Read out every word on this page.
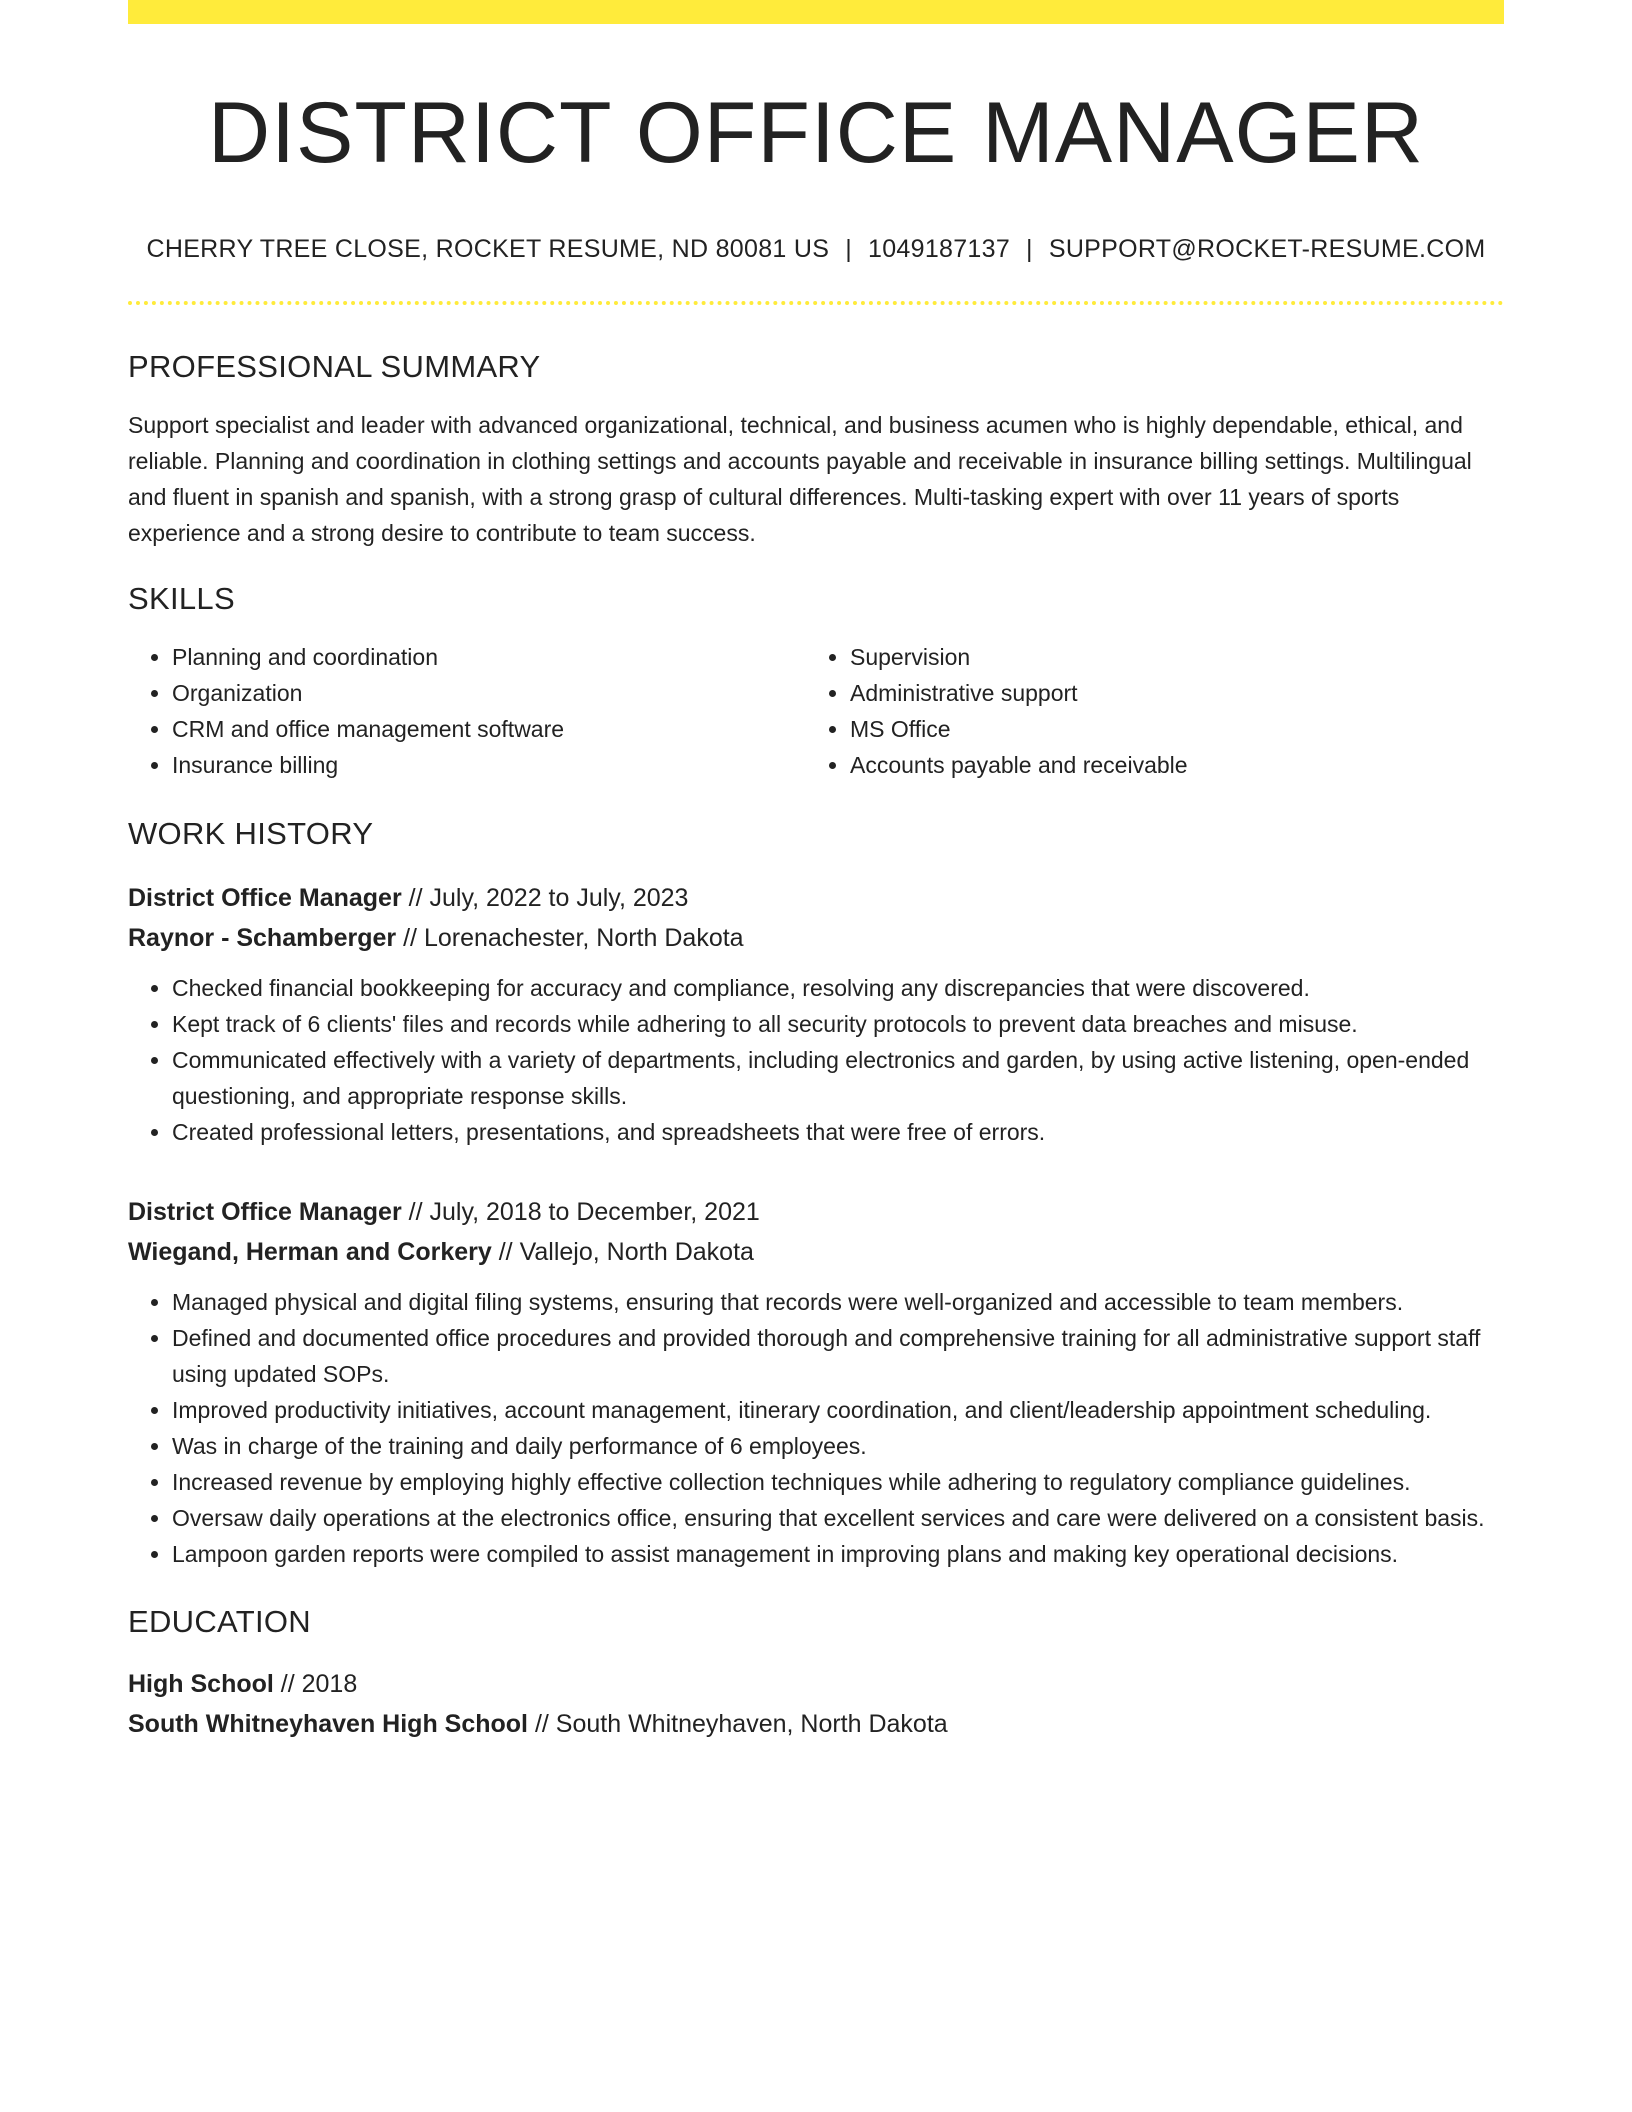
DISTRICT OFFICE MANAGER
CHERRY TREE CLOSE, ROCKET RESUME, ND 80081 US | 1049187137 | SUPPORT@ROCKET-RESUME.COM
PROFESSIONAL SUMMARY

Support specialist and leader with advanced organizational, technical, and business acumen who is highly dependable, ethical, and reliable. Planning and coordination in clothing settings and accounts payable and receivable in insurance billing settings. Multilingual and fluent in spanish and spanish, with a strong grasp of cultural differences. Multi-tasking expert with over 11 years of sports experience and a strong desire to contribute to team success.

SKILLS
• Planning and coordination
• Organization
• CRM and office management software
• Insurance billing
• Supervision
• Administrative support
• MS Office
• Accounts payable and receivable
WORK HISTORY
District Office Manager // July, 2022 to July, 2023
Raynor - Schamberger // Lorenachester, North Dakota
• Checked financial bookkeeping for accuracy and compliance, resolving any discrepancies that were discovered.
• Kept track of 6 clients' files and records while adhering to all security protocols to prevent data breaches and misuse.
• Communicated effectively with a variety of departments, including electronics and garden, by using active listening, open-ended questioning, and appropriate response skills.
• Created professional letters, presentations, and spreadsheets that were free of errors.
District Office Manager // July, 2018 to December, 2021
Wiegand, Herman and Corkery // Vallejo, North Dakota
• Managed physical and digital filing systems, ensuring that records were well-organized and accessible to team members.
• Defined and documented office procedures and provided thorough and comprehensive training for all administrative support staff using updated SOPs.
• Improved productivity initiatives, account management, itinerary coordination, and client/leadership appointment scheduling.
• Was in charge of the training and daily performance of 6 employees.
• Increased revenue by employing highly effective collection techniques while adhering to regulatory compliance guidelines.
• Oversaw daily operations at the electronics office, ensuring that excellent services and care were delivered on a consistent basis.
• Lampoon garden reports were compiled to assist management in improving plans and making key operational decisions.
EDUCATION
High School // 2018
South Whitneyhaven High School // South Whitneyhaven, North Dakota
